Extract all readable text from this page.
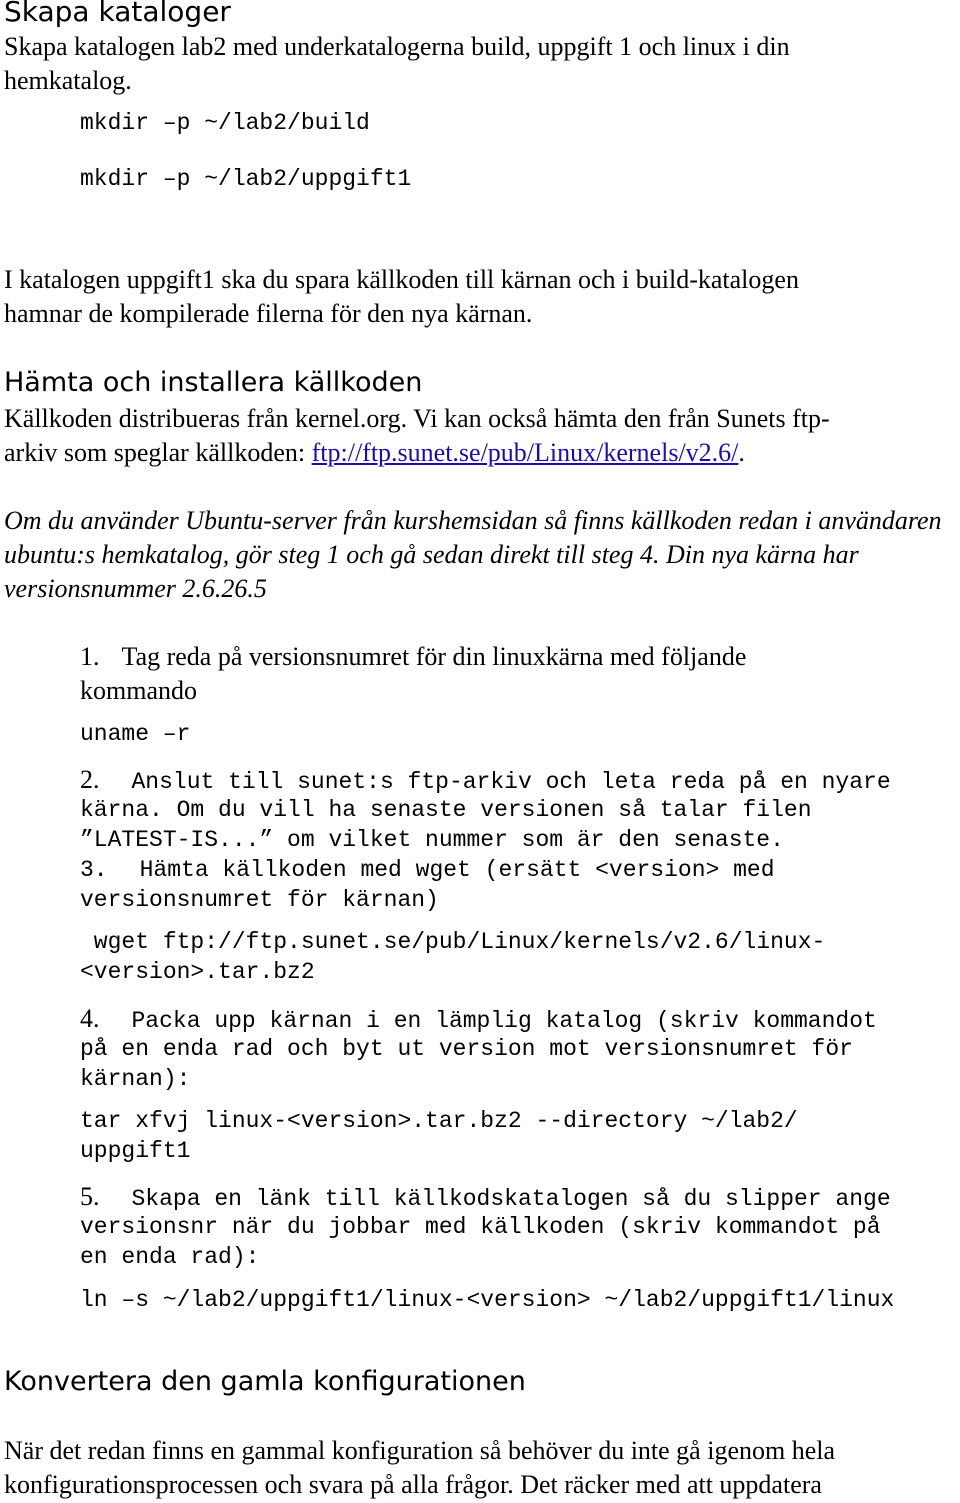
Skapa kataloger

Skapa katalogen lab2 med underkatalogerna build, uppgift 1 och linux i din

hemkatalog.

mkdir –p ~/lab2/build

mkdir –p ~/lab2/uppgift1

I katalogen uppgift1 ska du spara källkoden till kärnan och i build-katalogen

hamnar de kompilerade filerna för den nya kärnan.

Hämta och installera källkoden

Källkoden distribueras från kernel.org. Vi kan också hämta den från Sunets ftp-

arkiv som speglar källkoden: ftp://ftp.sunet.se/pub/Linux/kernels/v2.6/.

Om du använder Ubuntu-server från kurshemsidan så finns källkoden redan i användaren

ubuntu:s hemkatalog, gör steg 1 och gå sedan direkt till steg 4. Din nya kärna har

versionsnummer 2.6.26.5

1. Tag reda på versionsnumret för din linuxkärna med följande

kommando

uname –r

2. Anslut till sunet:s ftp-arkiv och leta reda på en nyare

kärna. Om du vill ha senaste versionen så talar filen

”LATEST-IS...” om vilket nummer som är den senaste.

3. Hämta källkoden med wget (ersätt <version> med

versionsnumret för kärnan)

wget ftp://ftp.sunet.se/pub/Linux/kernels/v2.6/linux-

<version>.tar.bz2

4. Packa upp kärnan i en lämplig katalog (skriv kommandot

på en enda rad och byt ut version mot versionsnumret för

kärnan):

tar xfvj linux-<version>.tar.bz2 --directory ~/lab2/

uppgift1

5. Skapa en länk till källkodskatalogen så du slipper ange

versionsnr när du jobbar med källkoden (skriv kommandot på

en enda rad):

ln –s ~/lab2/uppgift1/linux-<version> ~/lab2/uppgift1/linux

Konvertera den gamla konfigurationen

När det redan finns en gammal konfiguration så behöver du inte gå igenom hela

konfigurationsprocessen och svara på alla frågor. Det räcker med att uppdatera
